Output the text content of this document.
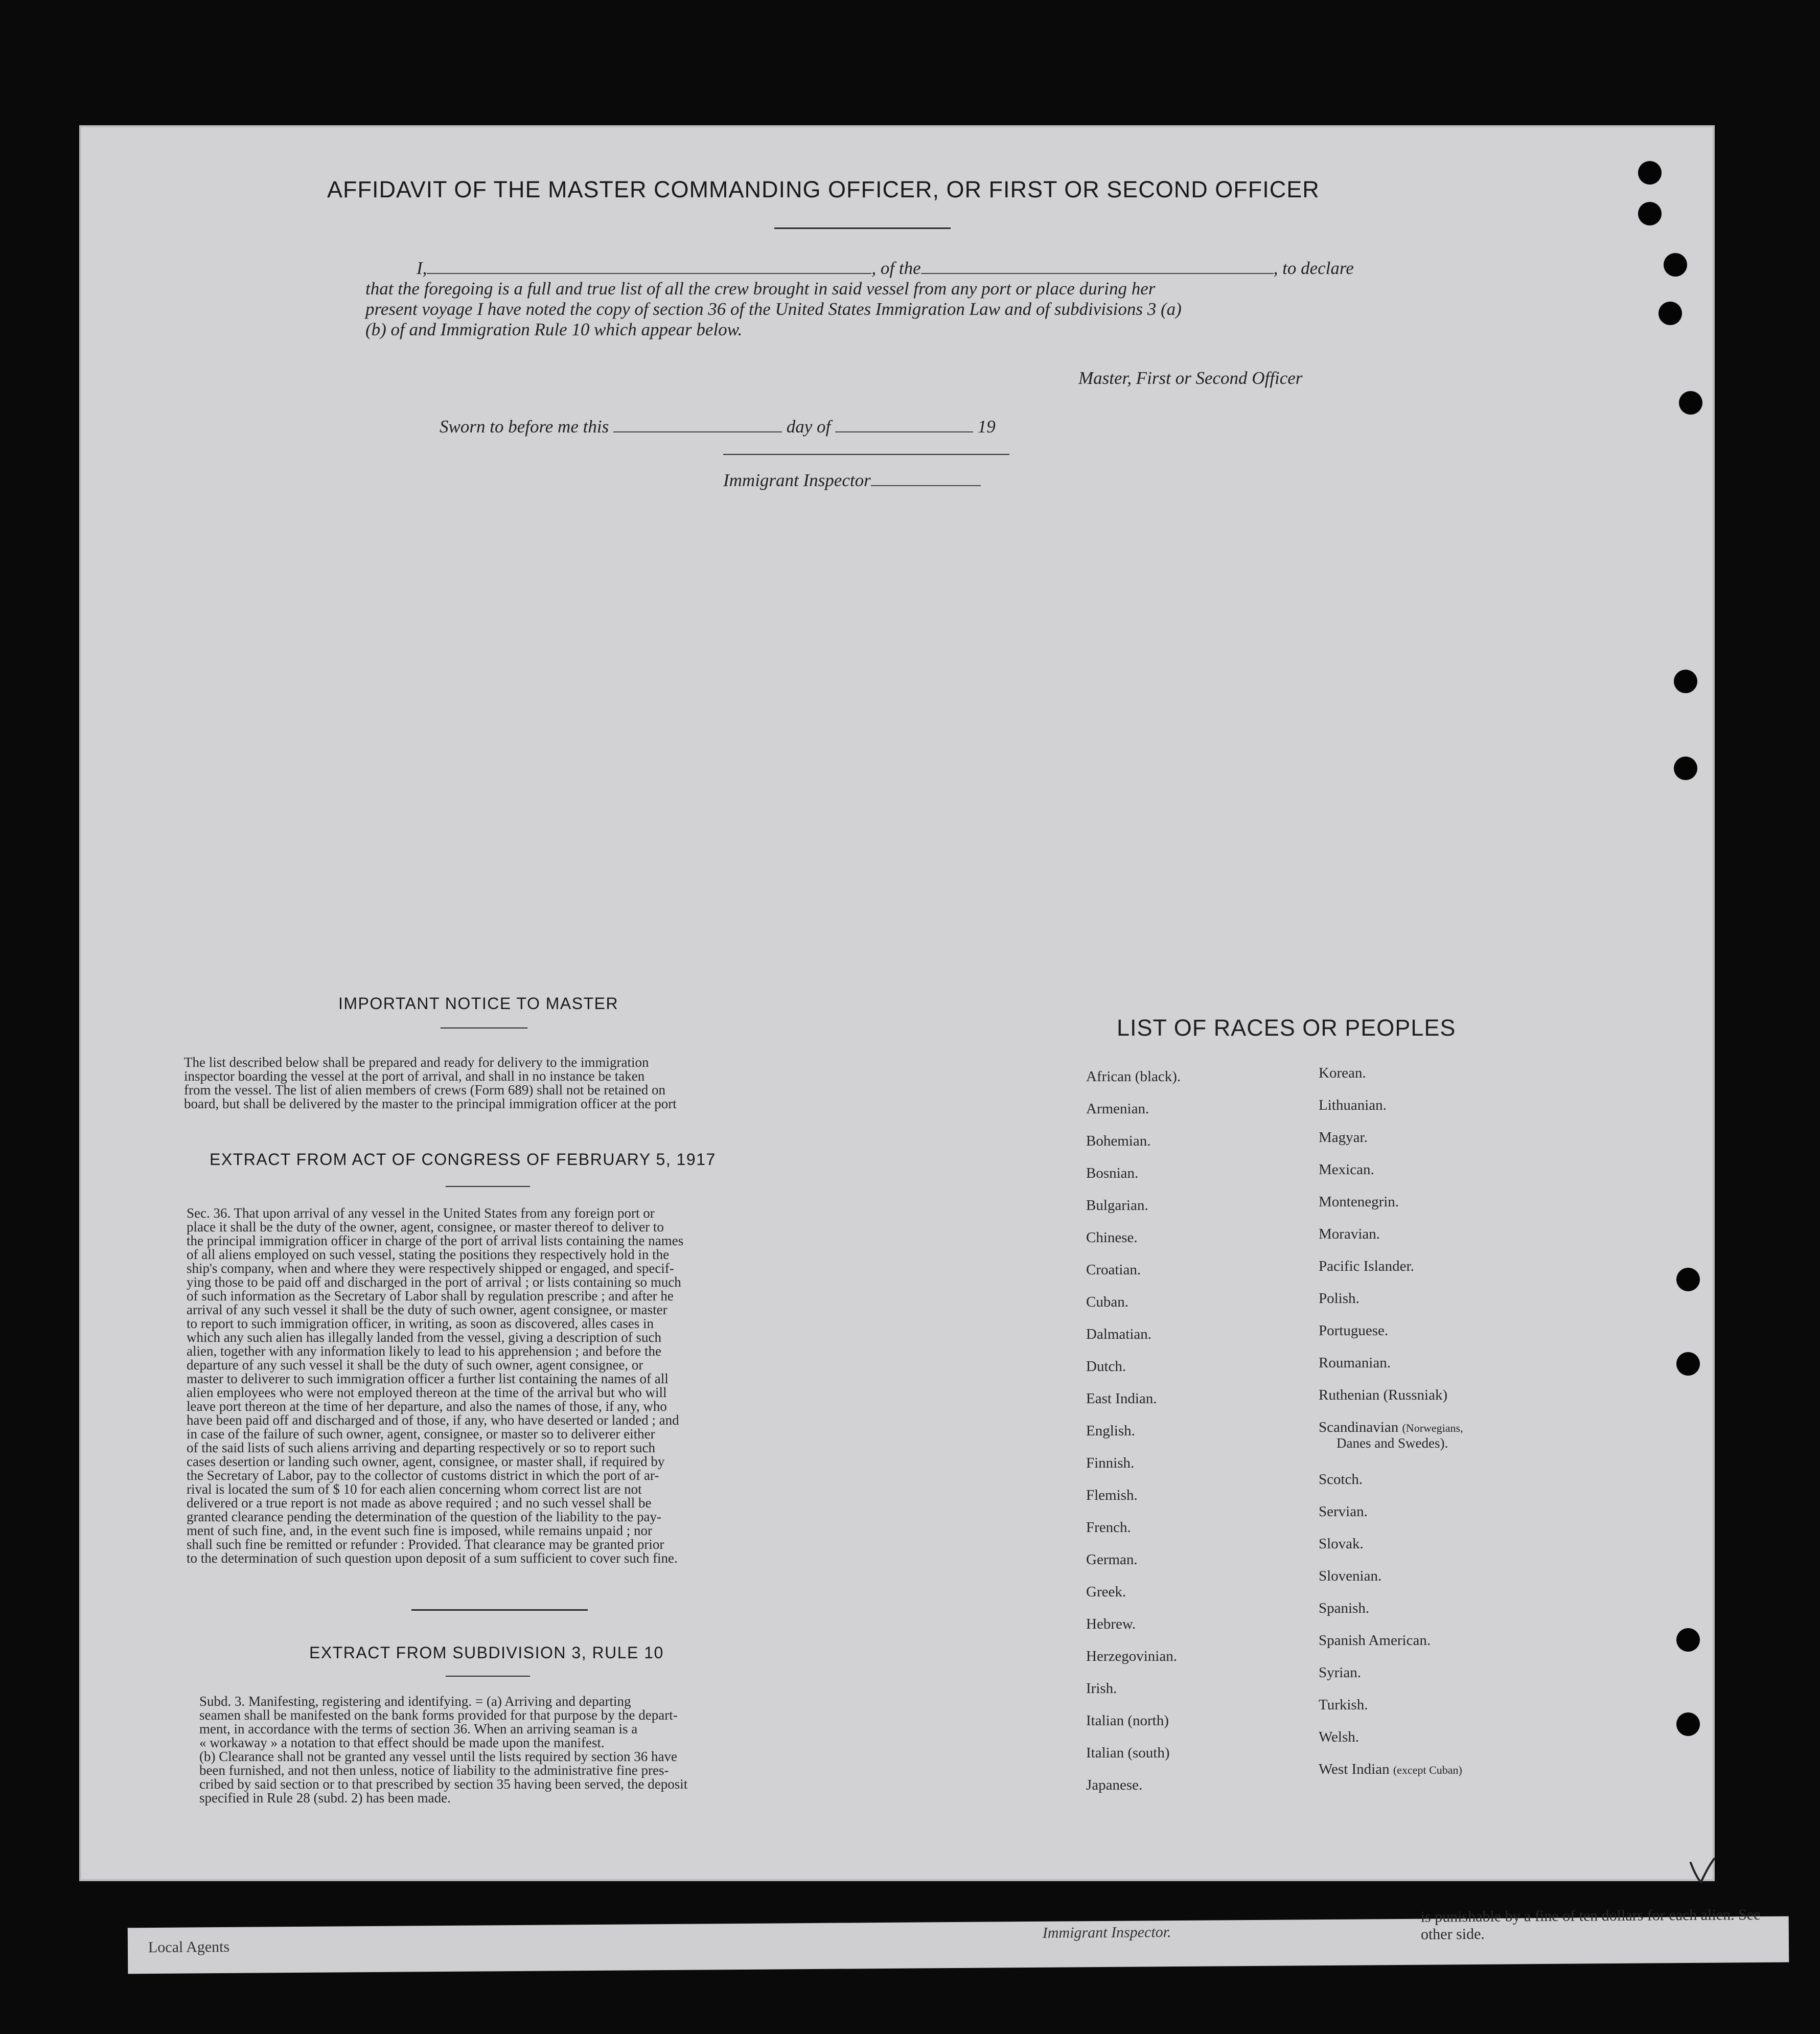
AFFIDAVIT OF THE MASTER COMMANDING OFFICER, OR FIRST OR SECOND OFFICER
I,	, of the	, to declare
that the foregoing is a full and true list of all the crew brought in said vessel from any port or place during her
present voyage I have noted the copy of section 36 of the United States Immigration Law and of subdivisions 3 (a)
(b) of and Immigration Rule 10 which appear below.
Master, First or Second Officer
Sworn to before me this	day of	19
Immigrant Inspector
IMPORTANT NOTICE TO MASTER
The list described below shall be prepared and ready for delivery to the immigration
inspector boarding the vessel at the port of arrival, and shall in no instance be taken
from the vessel. The list of alien members of crews (Form 689) shall not be retained on
board, but shall be delivered by the master to the principal immigration officer at the port
EXTRACT FROM ACT OF CONGRESS OF FEBRUARY 5, 1917
Sec. 36. That upon arrival of any vessel in the United States from any foreign port or
place it shall be the duty of the owner, agent, consignee, or master thereof to deliver to
the principal immigration officer in charge of the port of arrival lists containing the names
of all aliens employed on such vessel, stating the positions they respectively hold in the
ship's company, when and where they were respectively shipped or engaged, and specif-
ying those to be paid off and discharged in the port of arrival ; or lists containing so much
of such information as the Secretary of Labor shall by regulation prescribe ; and after he
arrival of any such vessel it shall be the duty of such owner, agent consignee, or master
to report to such immigration officer, in writing, as soon as discovered, alles cases in
which any such alien has illegally landed from the vessel, giving a description of such
alien, together with any information likely to lead to his apprehension ; and before the
departure of any such vessel it shall be the duty of such owner, agent consignee, or
master to deliverer to such immigration officer a further list containing the names of all
alien employees who were not employed thereon at the time of the arrival but who will
leave port thereon at the time of her departure, and also the names of those, if any, who
have been paid off and discharged and of those, if any, who have deserted or landed ; and
in case of the failure of such owner, agent, consignee, or master so to deliverer either
of the said lists of such aliens arriving and departing respectively or so to report such
cases desertion or landing such owner, agent, consignee, or master shall, if required by
the Secretary of Labor, pay to the collector of customs district in which the port of ar-
rival is located the sum of $ 10 for each alien concerning whom correct list are not
delivered or a true report is not made as above required ; and no such vessel shall be
granted clearance pending the determination of the question of the liability to the pay-
ment of such fine, and, in the event such fine is imposed, while remains unpaid ; nor
shall such fine be remitted or refunder : Provided. That clearance may be granted prior
to the determination of such question upon deposit of a sum sufficient to cover such fine.
EXTRACT FROM SUBDIVISION 3, RULE 10
Subd. 3. Manifesting, registering and identifying. = (a) Arriving and departing
seamen shall be manifested on the bank forms provided for that purpose by the depart-
ment, in accordance with the terms of section 36. When an arriving seaman is a
« workaway » a notation to that effect should be made upon the manifest.
(b) Clearance shall not be granted any vessel until the lists required by section 36 have
been furnished, and not then unless, notice of liability to the administrative fine pres-
cribed by said section or to that prescribed by section 35 having been served, the deposit
specified in Rule 28 (subd. 2) has been made.
LIST OF RACES OR PEOPLES
African (black).
Armenian.
Bohemian.
Bosnian.
Bulgarian.
Chinese.
Croatian.
Cuban.
Dalmatian.
Dutch.
East Indian.
English.
Finnish.
Flemish.
French.
German.
Greek.
Hebrew.
Herzegovinian.
Irish.
Italian (north)
Italian (south)
Japanese.
Korean.
Lithuanian.
Magyar.
Mexican.
Montenegrin.
Moravian.
Pacific Islander.
Polish.
Portuguese.
Roumanian.
Ruthenian (Russniak)
Scandinavian (Norwegians,
Danes and Swedes).
Scotch.
Servian.
Slovak.
Slovenian.
Spanish.
Spanish American.
Syrian.
Turkish.
Welsh.
West Indian (except Cuban)
Local Agents
Immigrant Inspector.
is punishable by a fine of ten dollars for each alien. See other side.
